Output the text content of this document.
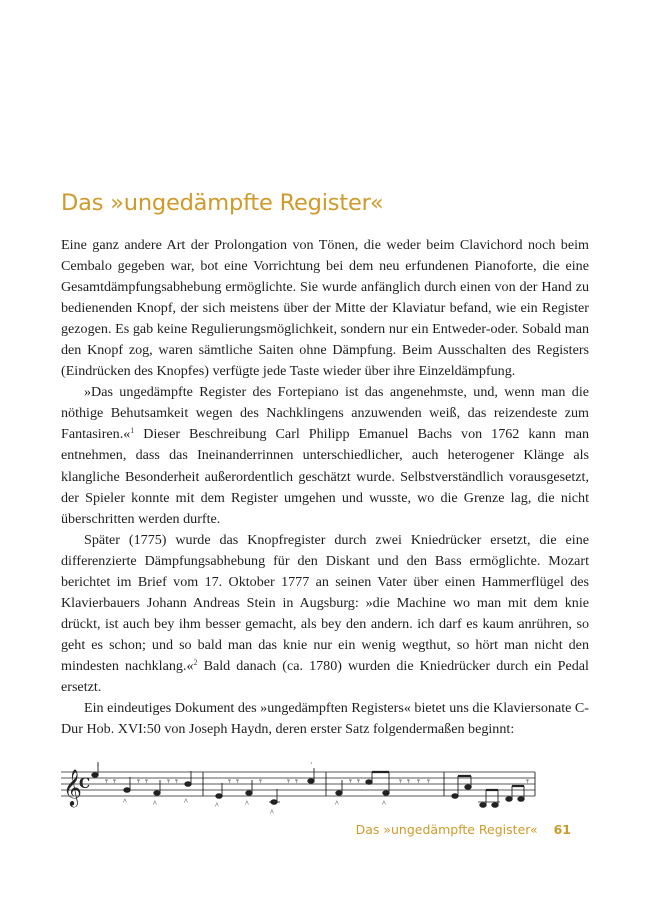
Das »ungedämpfte Register«

Eine ganz andere Art der Prolongation von Tönen, die weder beim Clavichord noch beim Cembalo gegeben war, bot eine Vorrichtung bei dem neu erfundenen Pianoforte, die eine Gesamtdämpfungsabhebung ermöglichte. Sie wurde anfänglich durch einen von der Hand zu bedienenden Knopf, der sich meistens über der Mitte der Klaviatur befand, wie ein Register gezogen. Es gab keine Regulierungsmöglichkeit, sondern nur ein Entweder-oder. Sobald man den Knopf zog, waren sämtliche Saiten ohne Dämpfung. Beim Ausschalten des Registers (Eindrücken des Knopfes) verfügte jede Taste wieder über ihre Einzeldämpfung.

»Das ungedämpfte Register des Fortepiano ist das angenehmste, und, wenn man die nöthige Behutsamkeit wegen des Nachklingens anzuwenden weiß, das reizendeste zum Fantasiren.«$^1$ Dieser Beschreibung Carl Philipp Emanuel Bachs von 1762 kann man entnehmen, dass das Ineinanderrinnen unterschiedlicher, auch heterogener Klänge als klangliche Besonderheit außerordentlich geschätzt wurde. Selbstverständlich vorausgesetzt, der Spieler konnte mit dem Register umgehen und wusste, wo die Grenze lag, die nicht überschritten werden durfte.

Später (1775) wurde das Knopfregister durch zwei Kniedrücker ersetzt, die eine differenzierte Dämpfungsabhebung für den Diskant und den Bass ermöglichte. Mozart berichtet im Brief vom 17. Oktober 1777 an seinen Vater über einen Hammerflügel des Klavierbauers Johann Andreas Stein in Augsburg: »die Machine wo man mit dem knie drückt, ist auch bey ihm besser gemacht, als bey den andern. ich darf es kaum anrühren, so geht es schon; und so bald man das knie nur ein wenig wegthut, so hört man nicht den mindesten nachklang.«$^2$ Bald danach (ca. 1780) wurden die Kniedrücker durch ein Pedal ersetzt.

Ein eindeutiges Dokument des »ungedämpften Registers« bietet uns die Klaviersonate C-Dur Hob. XVI:50 von Joseph Haydn, deren erster Satz folgendermaßen beginnt:

𝄞
C
·
𝄾 𝄾
^
𝄾 𝄾
^
𝄾 𝄾
^	^
𝄾 𝄾
^
𝄾
^
𝄾 𝄾
·
^
𝄾 𝄾
^
𝄾 𝄾 𝄾 𝄾	𝄾
Das »ungedämpfte Register« 61
